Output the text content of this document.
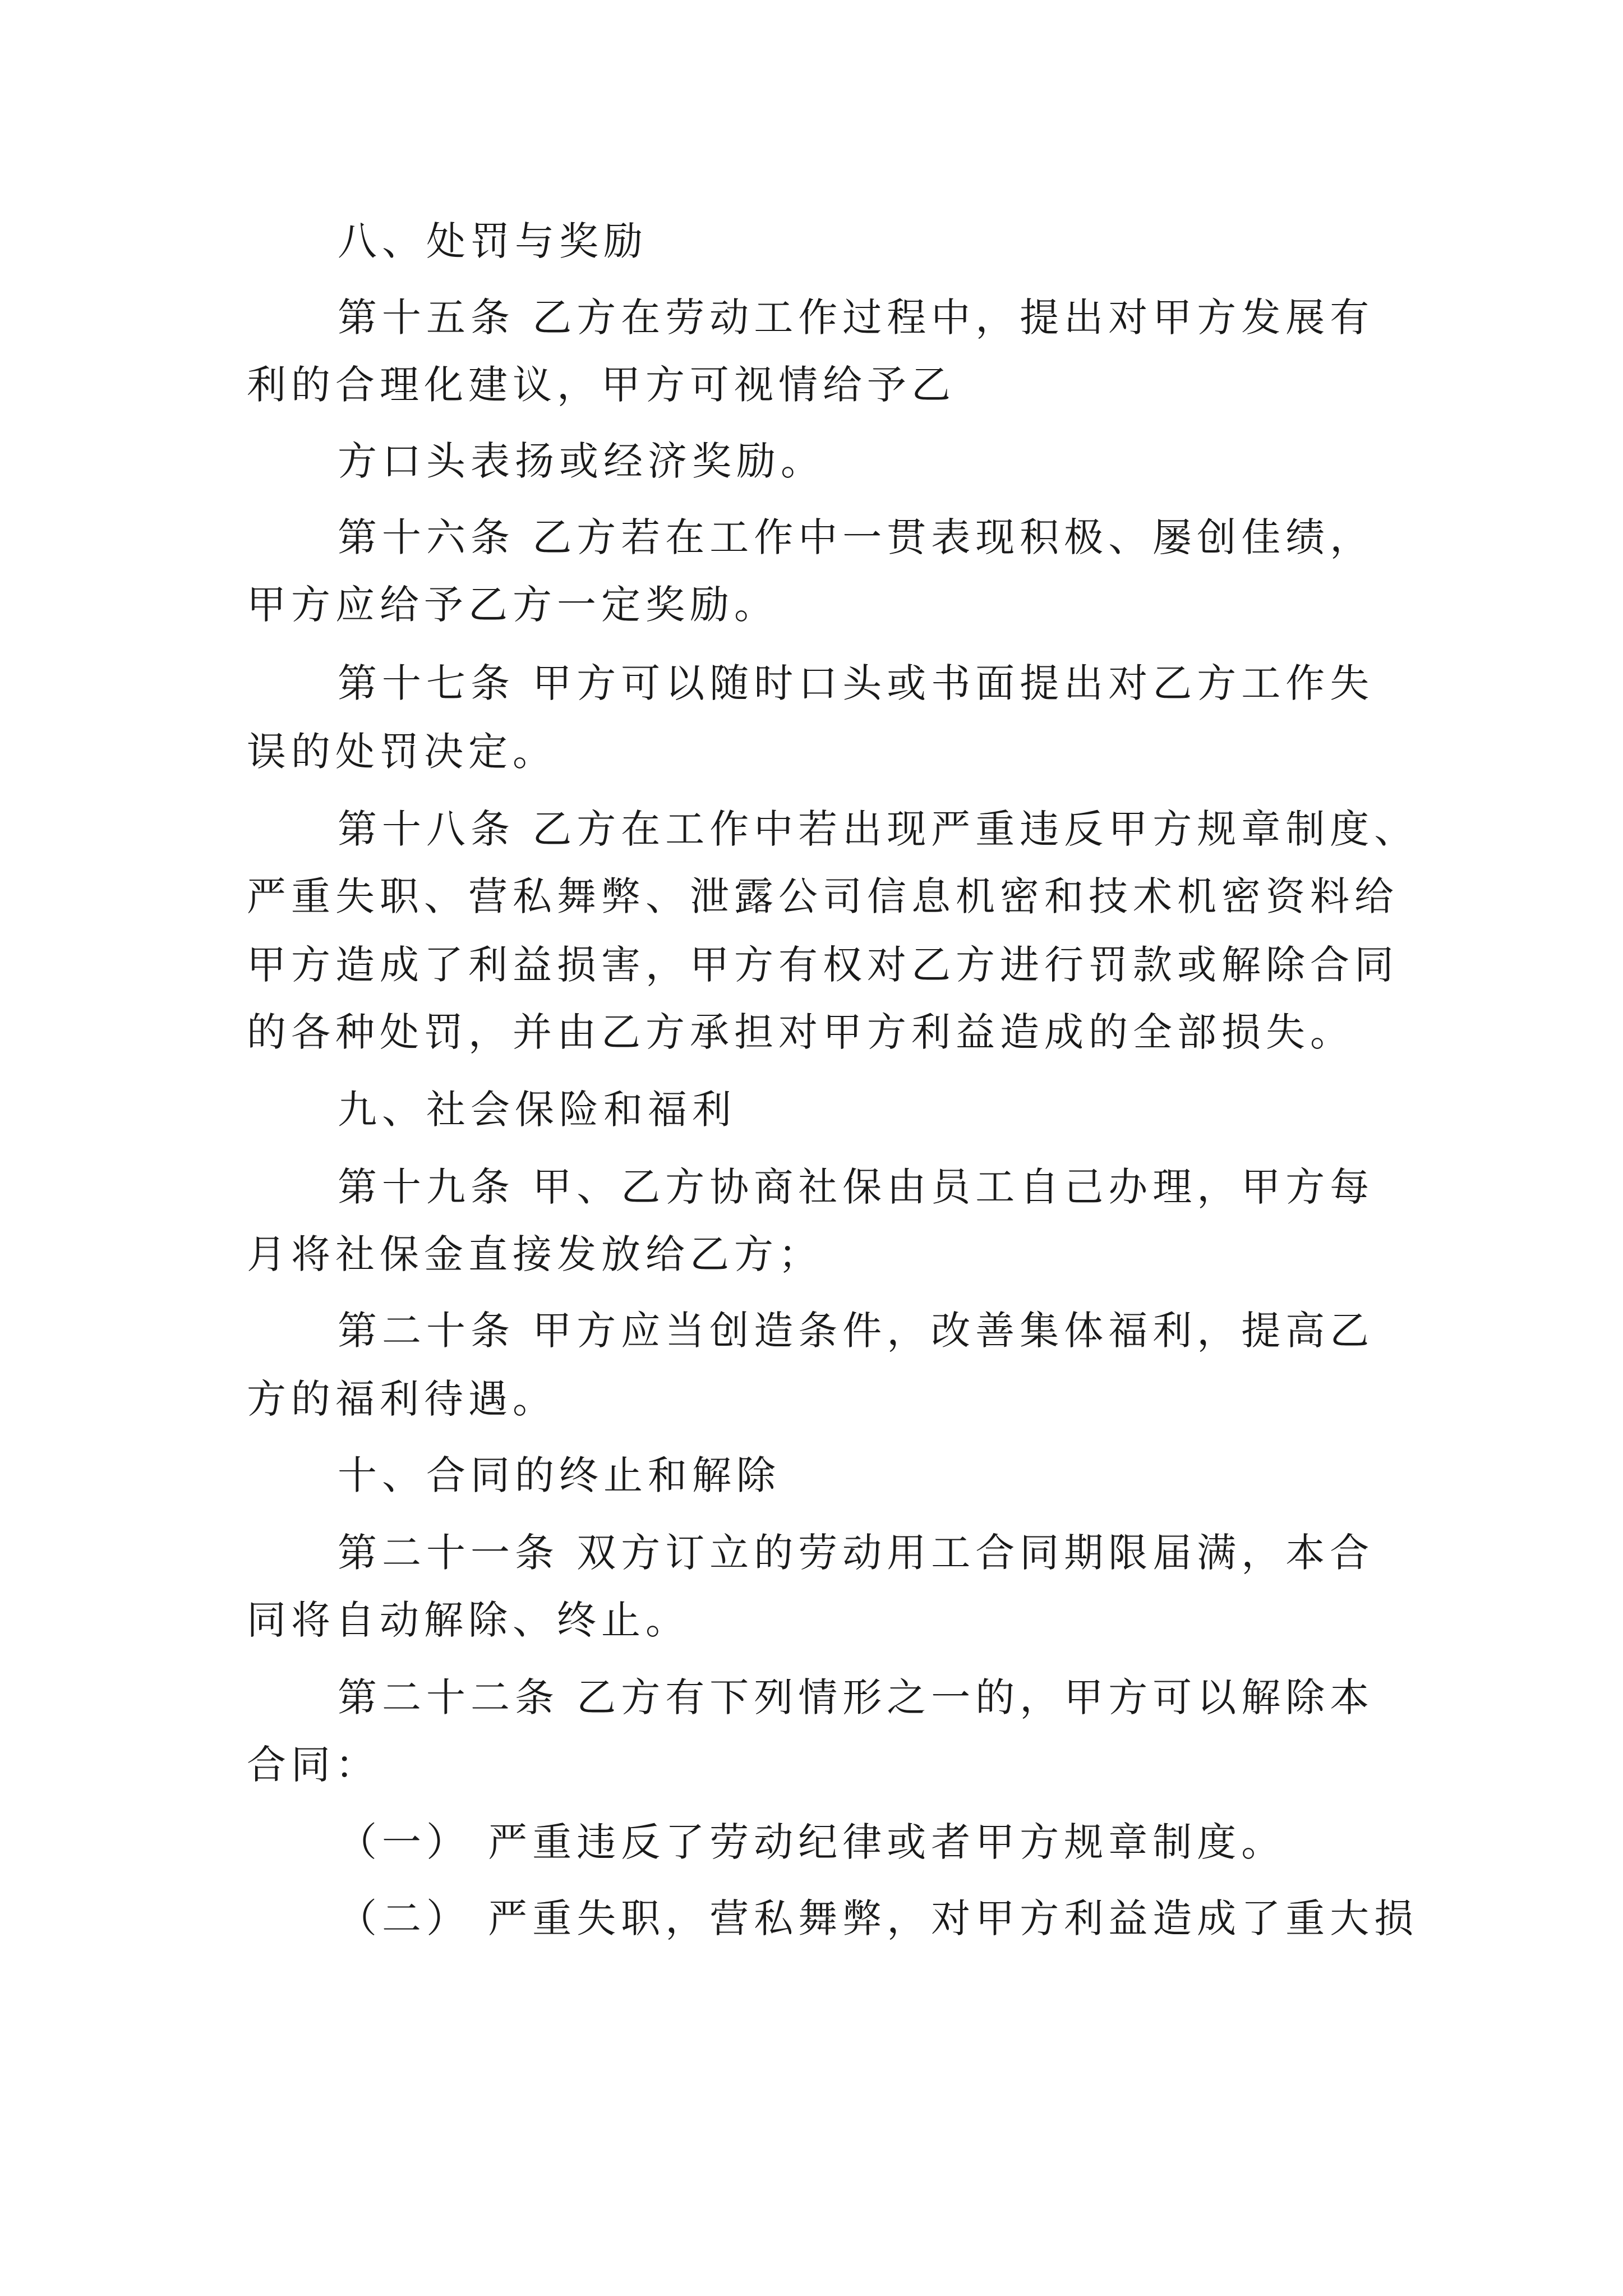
八、处罚与奖励
第十五条 乙方在劳动工作过程中，提出对甲方发展有
利的合理化建议，甲方可视情给予乙
方口头表扬或经济奖励。
第十六条 乙方若在工作中一贯表现积极、屡创佳绩，
甲方应给予乙方一定奖励。
第十七条 甲方可以随时口头或书面提出对乙方工作失
误的处罚决定。
第十八条 乙方在工作中若出现严重违反甲方规章制度、
严重失职、营私舞弊、泄露公司信息机密和技术机密资料给
甲方造成了利益损害，甲方有权对乙方进行罚款或解除合同
的各种处罚，并由乙方承担对甲方利益造成的全部损失。
九、社会保险和福利
第十九条 甲、乙方协商社保由员工自己办理，甲方每
月将社保金直接发放给乙方；
第二十条 甲方应当创造条件，改善集体福利，提高乙
方的福利待遇。
十、合同的终止和解除
第二十一条 双方订立的劳动用工合同期限届满，本合
同将自动解除、终止。
第二十二条 乙方有下列情形之一的，甲方可以解除本
合同：
（一） 严重违反了劳动纪律或者甲方规章制度。
（二） 严重失职，营私舞弊，对甲方利益造成了重大损
